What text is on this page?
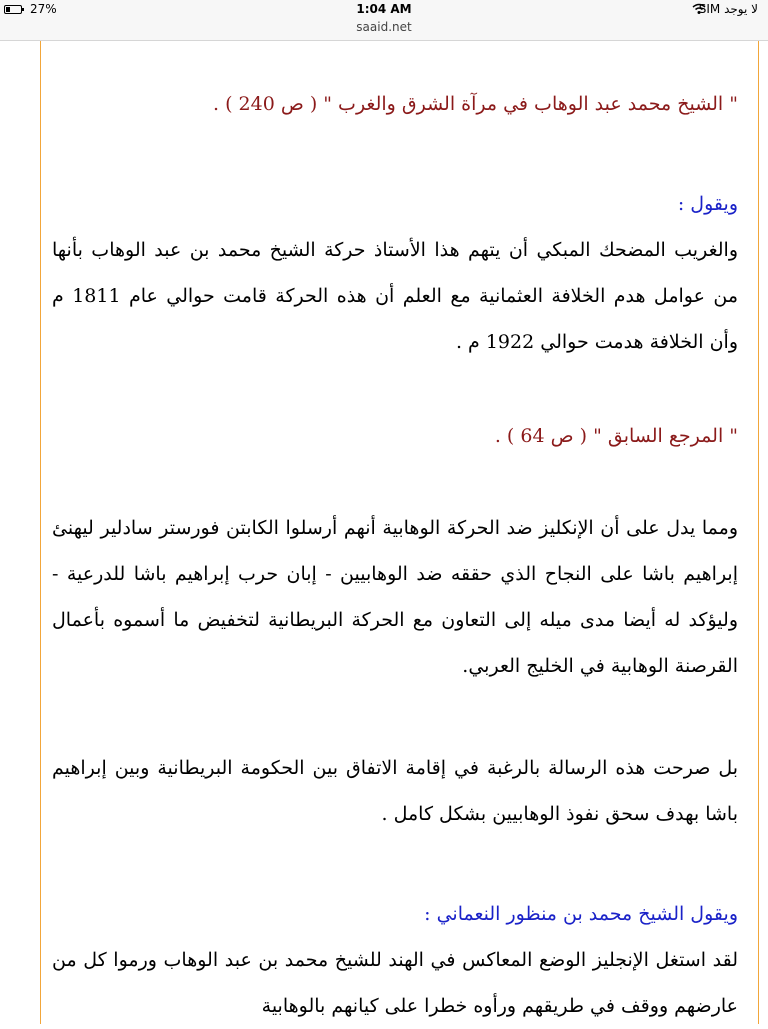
27%	1:04 AM	لا يوجد SIM
saaid.net
" الشيخ محمد عبد الوهاب في مرآة الشرق والغرب " ( ص 240 ) .
ويقول :
والغريب المضحك المبكي أن يتهم هذا الأستاذ حركة الشيخ محمد بن عبد الوهاب بأنها من عوامل هدم الخلافة العثمانية مع العلم أن هذه الحركة قامت حوالي عام 1811 م وأن الخلافة هدمت حوالي 1922 م .
" المرجع السابق " ( ص 64 ) .
ومما يدل على أن الإنكليز ضد الحركة الوهابية أنهم أرسلوا الكابتن فورستر سادلير ليهنئ إبراهيم باشا على النجاح الذي حققه ضد الوهابيين - إبان حرب إبراهيم باشا للدرعية - وليؤكد له أيضا مدى ميله إلى التعاون مع الحركة البريطانية لتخفيض ما أسموه بأعمال القرصنة الوهابية في الخليج العربي.
بل صرحت هذه الرسالة بالرغبة في إقامة الاتفاق بين الحكومة البريطانية وبين إبراهيم باشا بهدف سحق نفوذ الوهابيين بشكل كامل .
ويقول الشيخ محمد بن منظور النعماني :
لقد استغل الإنجليز الوضع المعاكس في الهند للشيخ محمد بن عبد الوهاب ورموا كل من عارضهم ووقف في طريقهم ورأوه خطرا على كيانهم بالوهابية
